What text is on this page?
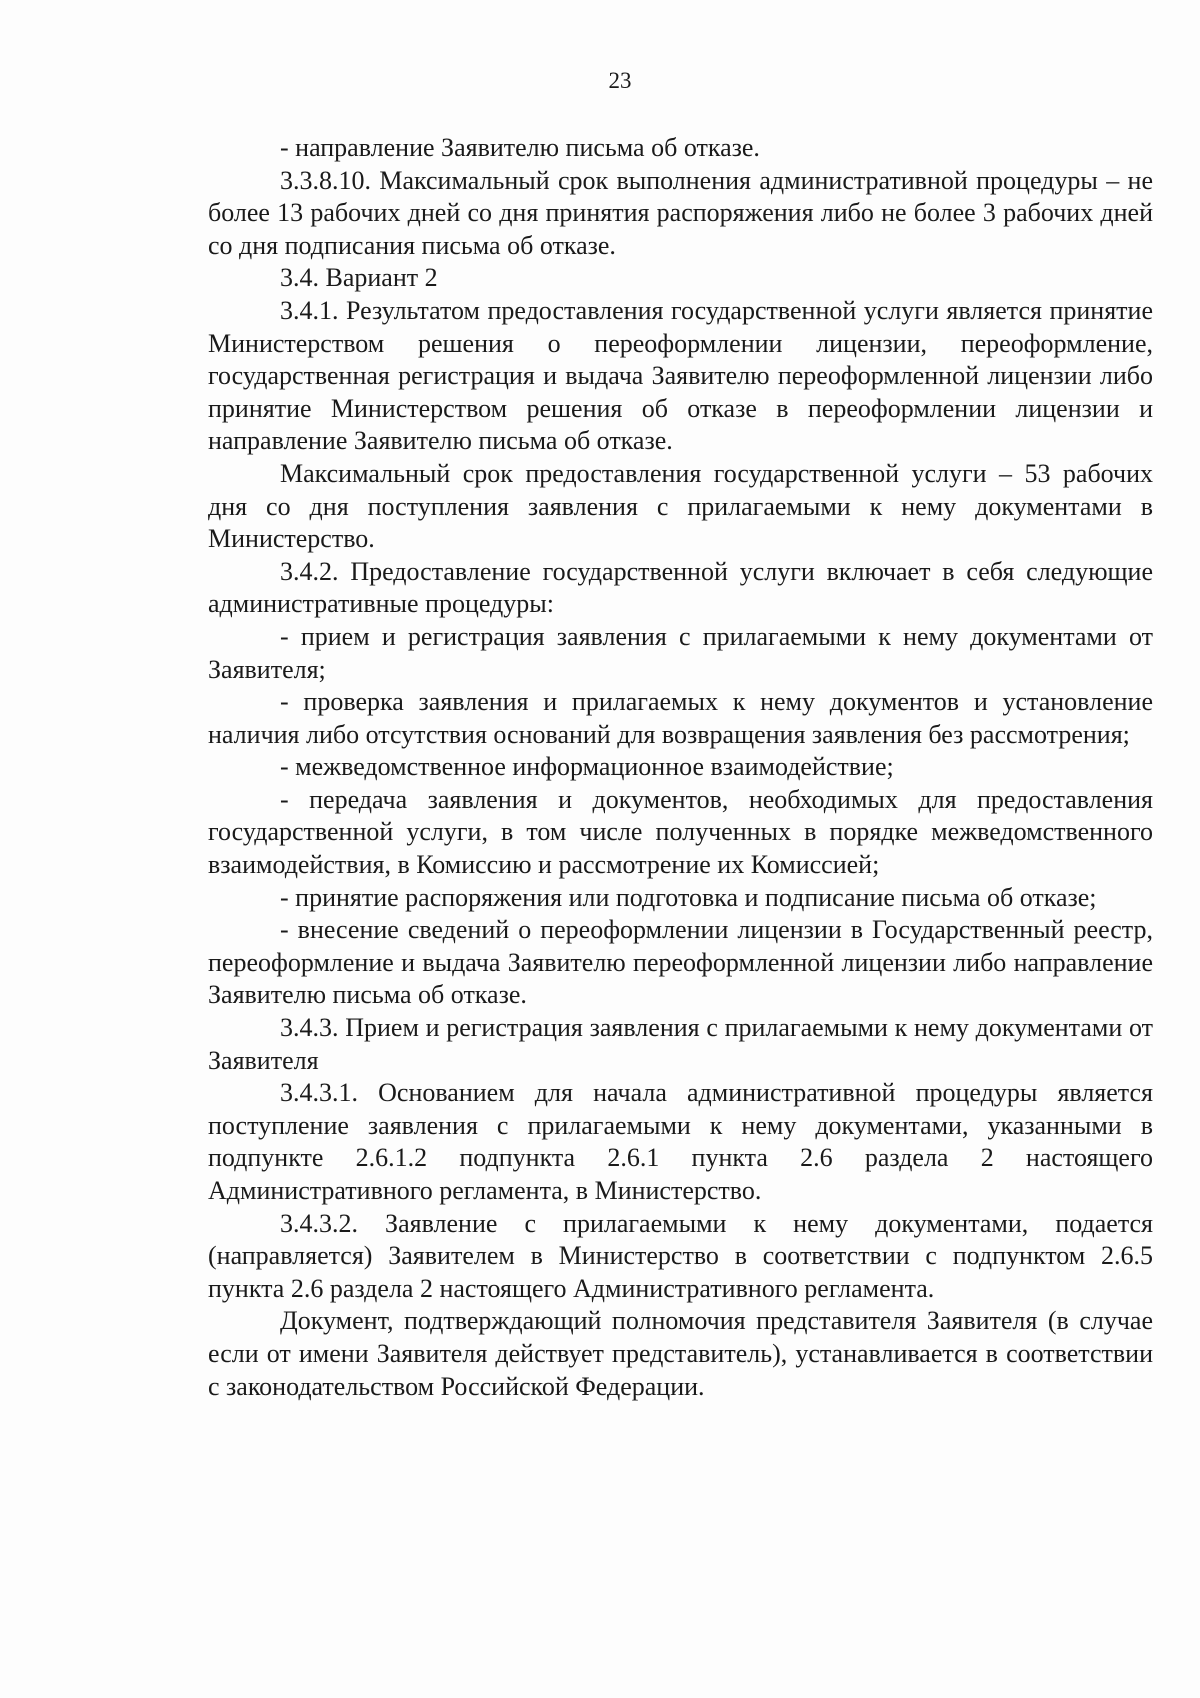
23

- направление Заявителю письма об отказе.

3.3.8.10. Максимальный срок выполнения административной процедуры – не более 13 рабочих дней со дня принятия распоряжения либо не более 3 рабочих дней со дня подписания письма об отказе.

3.4. Вариант 2

3.4.1. Результатом предоставления государственной услуги является принятие Министерством решения о переоформлении лицензии, переоформление, государственная регистрация и выдача Заявителю переоформленной лицензии либо принятие Министерством решения об отказе в переоформлении лицензии и направление Заявителю письма об отказе.

Максимальный срок предоставления государственной услуги – 53 рабочих дня со дня поступления заявления с прилагаемыми к нему документами в Министерство.

3.4.2. Предоставление государственной услуги включает в себя следующие административные процедуры:

- прием и регистрация заявления с прилагаемыми к нему документами от Заявителя;

- проверка заявления и прилагаемых к нему документов и установление наличия либо отсутствия оснований для возвращения заявления без рассмотрения;

- межведомственное информационное взаимодействие;

- передача заявления и документов, необходимых для предоставления государственной услуги, в том числе полученных в порядке межведомственного взаимодействия, в Комиссию и рассмотрение их Комиссией;

- принятие распоряжения или подготовка и подписание письма об отказе;

- внесение сведений о переоформлении лицензии в Государственный реестр, переоформление и выдача Заявителю переоформленной лицензии либо направление Заявителю письма об отказе.

3.4.3. Прием и регистрация заявления с прилагаемыми к нему документами от Заявителя

3.4.3.1. Основанием для начала административной процедуры является поступление заявления с прилагаемыми к нему документами, указанными в подпункте 2.6.1.2 подпункта 2.6.1 пункта 2.6 раздела 2 настоящего Административного регламента, в Министерство.

3.4.3.2. Заявление с прилагаемыми к нему документами, подается (направляется) Заявителем в Министерство в соответствии с подпунктом 2.6.5 пункта 2.6 раздела 2 настоящего Административного регламента.

Документ, подтверждающий полномочия представителя Заявителя (в случае если от имени Заявителя действует представитель), устанавливается в соответствии с законодательством Российской Федерации.
